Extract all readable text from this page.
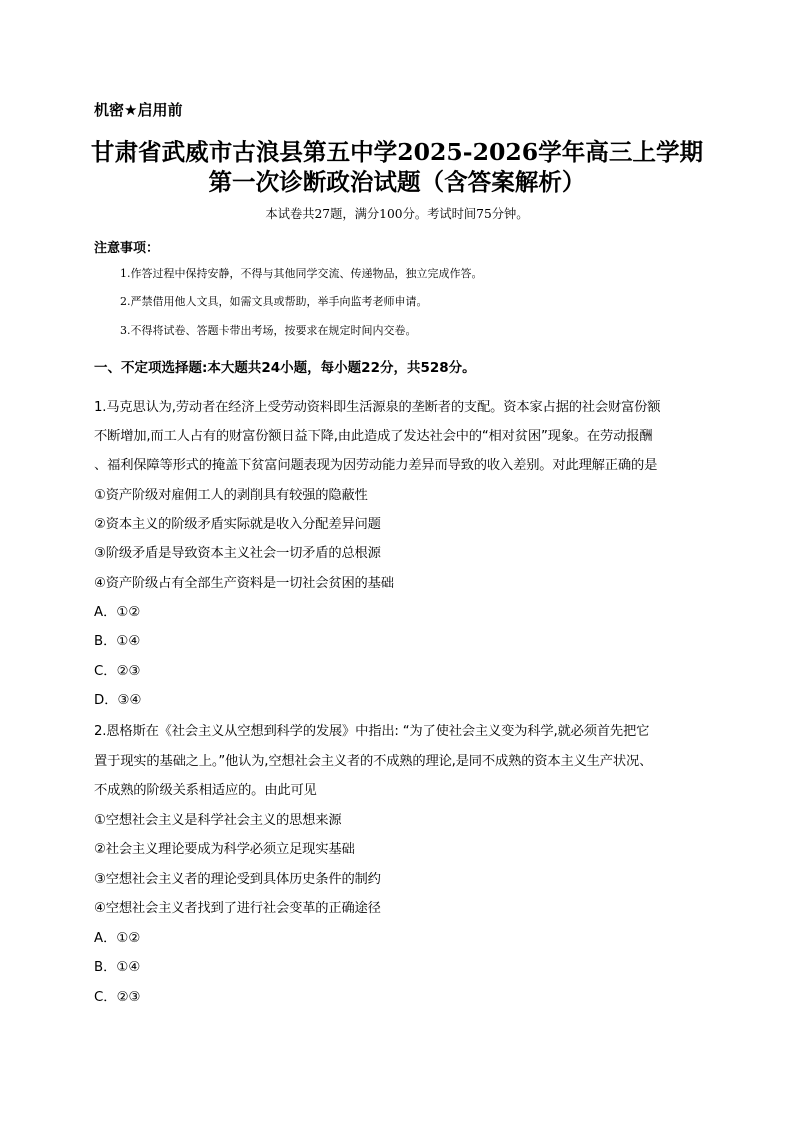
机密★启用前
甘肃省武威市古浪县第五中学2025-2026学年高三上学期
第一次诊断政治试题（含答案解析）
本试卷共27题，满分100分。考试时间75分钟。
注意事项：
1.作答过程中保持安静，不得与其他同学交流、传递物品，独立完成作答。
2.严禁借用他人文具，如需文具或帮助，举手向监考老师申请。
3.不得将试卷、答题卡带出考场，按要求在规定时间内交卷。
一、不定项选择题:本大题共24小题，每小题22分，共528分。
1.马克思认为,劳动者在经济上受劳动资料即生活源泉的垄断者的支配。资本家占据的社会财富份额
不断增加,而工人占有的财富份额日益下降,由此造成了发达社会中的“相对贫困”现象。在劳动报酬
、福利保障等形式的掩盖下贫富问题表现为因劳动能力差异而导致的收入差别。对此理解正确的是
①资产阶级对雇佣工人的剥削具有较强的隐蔽性
②资本主义的阶级矛盾实际就是收入分配差异问题
③阶级矛盾是导致资本主义社会一切矛盾的总根源
④资产阶级占有全部生产资料是一切社会贫困的基础
A．①②
B．①④
C．②③
D．③④
2.恩格斯在《社会主义从空想到科学的发展》中指出: “为了使社会主义变为科学,就必须首先把它
置于现实的基础之上。”他认为,空想社会主义者的不成熟的理论,是同不成熟的资本主义生产状况、
不成熟的阶级关系相适应的。由此可见
①空想社会主义是科学社会主义的思想来源
②社会主义理论要成为科学必须立足现实基础
③空想社会主义者的理论受到具体历史条件的制约
④空想社会主义者找到了进行社会变革的正确途径
A．①②
B．①④
C．②③
